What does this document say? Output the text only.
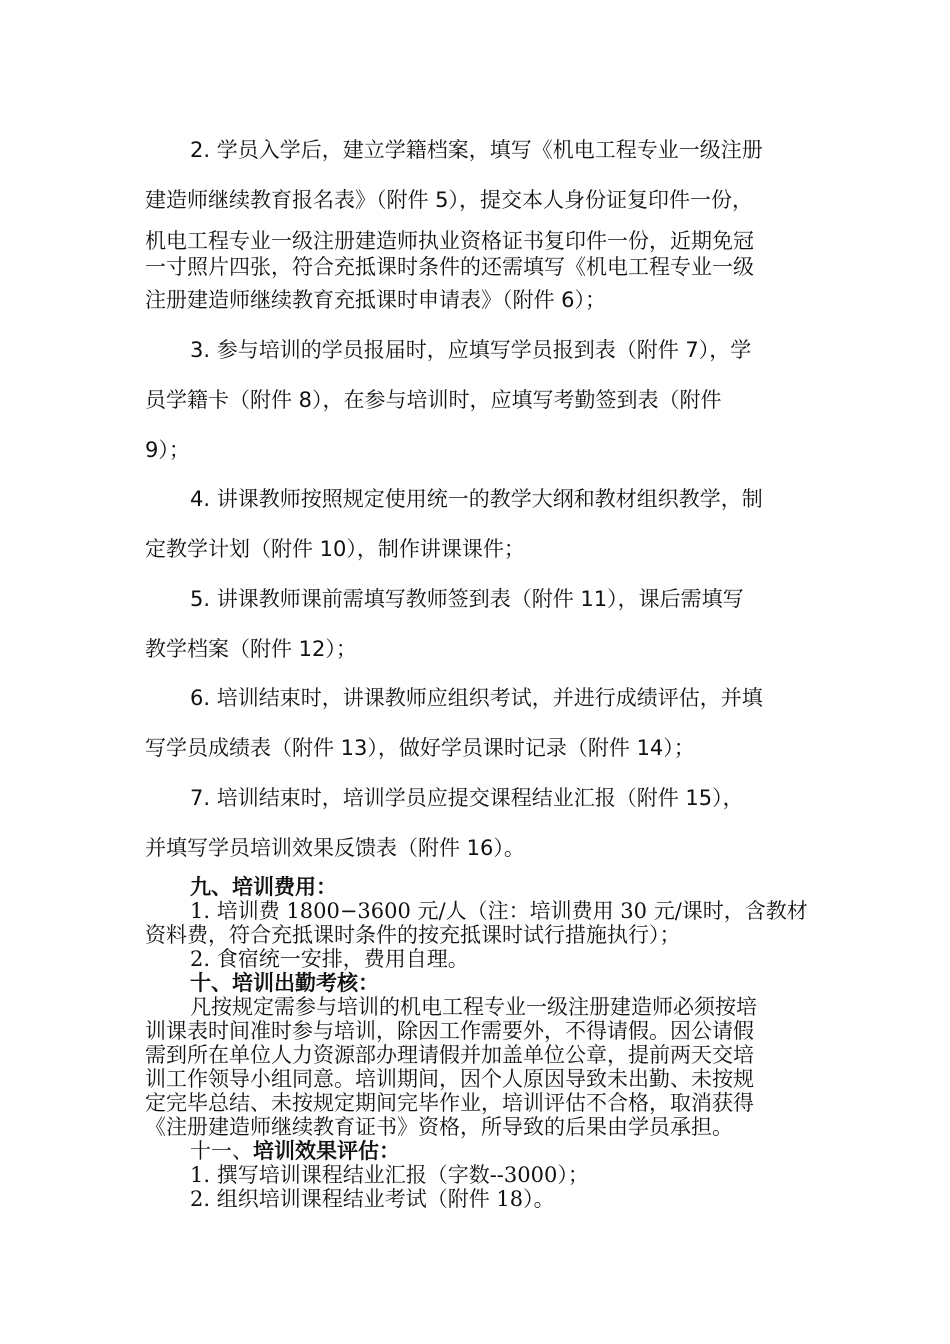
2. 学员入学后，建立学籍档案，填写《机电工程专业一级注册
建造师继续教育报名表》（附件 5），提交本人身份证复印件一份，
机电工程专业一级注册建造师执业资格证书复印件一份，近期免冠
一寸照片四张，符合充抵课时条件的还需填写《机电工程专业一级
注册建造师继续教育充抵课时申请表》（附件 6）；
3. 参与培训的学员报届时，应填写学员报到表（附件 7），学
员学籍卡（附件 8），在参与培训时，应填写考勤签到表（附件
9）；
4. 讲课教师按照规定使用统一的教学大纲和教材组织教学，制
定教学计划（附件 10），制作讲课课件；
5. 讲课教师课前需填写教师签到表（附件 11），课后需填写
教学档案（附件 12）；
6. 培训结束时，讲课教师应组织考试，并进行成绩评估，并填
写学员成绩表（附件 13），做好学员课时记录（附件 14）；
7. 培训结束时，培训学员应提交课程结业汇报（附件 15），
并填写学员培训效果反馈表（附件 16）。
九、培训费用：
1. 培训费 1800−3600 元/人（注：培训费用 30 元/课时，含教材
资料费，符合充抵课时条件的按充抵课时试行措施执行）；
2. 食宿统一安排，费用自理。
十、培训出勤考核：
凡按规定需参与培训的机电工程专业一级注册建造师必须按培
训课表时间准时参与培训，除因工作需要外，不得请假。因公请假
需到所在单位人力资源部办理请假并加盖单位公章，提前两天交培
训工作领导小组同意。培训期间，因个人原因导致未出勤、未按规
定完毕总结、未按规定期间完毕作业，培训评估不合格，取消获得
《注册建造师继续教育证书》资格，所导致的后果由学员承担。
十一、培训效果评估：
1. 撰写培训课程结业汇报（字数--3000）；
2. 组织培训课程结业考试（附件 18）。
